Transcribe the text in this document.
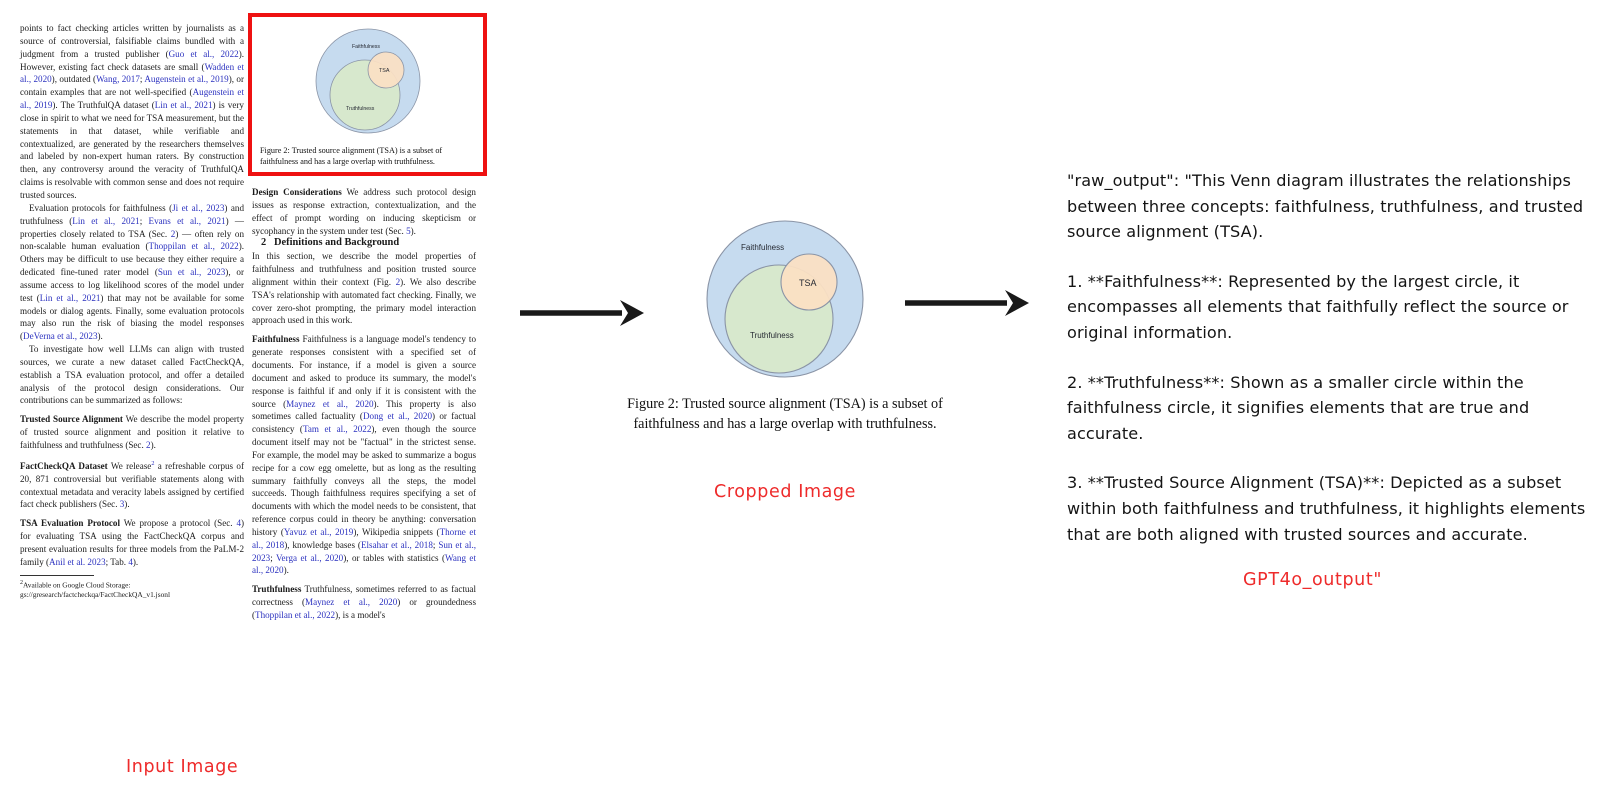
points to fact checking articles written by journalists as a source of controversial, falsifiable claims bundled with a judgment from a trusted publisher (Guo et al., 2022). However, existing fact check datasets are small (Wadden et al., 2020), outdated (Wang, 2017; Augenstein et al., 2019), or contain examples that are not well-specified (Augenstein et al., 2019). The TruthfulQA dataset (Lin et al., 2021) is very close in spirit to what we need for TSA measurement, but the statements in that dataset, while verifiable and contextualized, are generated by the researchers themselves and labeled by non-expert human raters. By construction then, any controversy around the veracity of TruthfulQA claims is resolvable with common sense and does not require trusted sources.

Evaluation protocols for faithfulness (Ji et al., 2023) and truthfulness (Lin et al., 2021; Evans et al., 2021) — properties closely related to TSA (Sec. 2) — often rely on non-scalable human evaluation (Thoppilan et al., 2022). Others may be difficult to use because they either require a dedicated fine-tuned rater model (Sun et al., 2023), or assume access to log likelihood scores of the model under test (Lin et al., 2021) that may not be available for some models or dialog agents. Finally, some evaluation protocols may also run the risk of biasing the model responses (DeVerna et al., 2023).

To investigate how well LLMs can align with trusted sources, we curate a new dataset called FactCheckQA, establish a TSA evaluation protocol, and offer a detailed analysis of the protocol design considerations. Our contributions can be summarized as follows:

Trusted Source Alignment We describe the model property of trusted source alignment and position it relative to faithfulness and truthfulness (Sec. 2).

FactCheckQA Dataset We release$^2$ a refreshable corpus of 20, 871 controversial but verifiable statements along with contextual metadata and veracity labels assigned by certified fact check publishers (Sec. 3).

TSA Evaluation Protocol We propose a protocol (Sec. 4) for evaluating TSA using the FactCheckQA corpus and present evaluation results for three models from the PaLM-2 family (Anil et al. 2023; Tab. 4).

$^2$Available on Google Cloud Storage:
gs://gresearch/factcheckqa/FactCheckQA_v1.jsonl

Design Considerations We address such protocol design issues as response extraction, contextualization, and the effect of prompt wording on inducing skepticism or sycophancy in the system under test (Sec. 5).

2 Definitions and Background

In this section, we describe the model properties of faithfulness and truthfulness and position trusted source alignment within their context (Fig. 2). We also describe TSA's relationship with automated fact checking. Finally, we cover zero-shot prompting, the primary model interaction approach used in this work.

Faithfulness Faithfulness is a language model's tendency to generate responses consistent with a specified set of documents. For instance, if a model is given a source document and asked to produce its summary, the model's response is faithful if and only if it is consistent with the source (Maynez et al., 2020). This property is also sometimes called factuality (Dong et al., 2020) or factual consistency (Tam et al., 2022), even though the source document itself may not be "factual" in the strictest sense. For example, the model may be asked to summarize a bogus recipe for a cow egg omelette, but as long as the resulting summary faithfully conveys all the steps, the model succeeds. Though faithfulness requires specifying a set of documents with which the model needs to be consistent, that reference corpus could in theory be anything: conversation history (Yavuz et al., 2019), Wikipedia snippets (Thorne et al., 2018), knowledge bases (Elsahar et al., 2018; Sun et al., 2023; Verga et al., 2020), or tables with statistics (Wang et al., 2020).

Truthfulness Truthfulness, sometimes referred to as factual correctness (Maynez et al., 2020) or groundedness (Thoppilan et al., 2022), is a model's

Faithfulness
Truthfulness
TSA
Figure 2: Trusted source alignment (TSA) is a subset of faithfulness and has a large overlap with truthfulness.
Faithfulness
Truthfulness
TSA
Figure 2: Trusted source alignment (TSA) is a subset of
faithfulness and has a large overlap with truthfulness.

"raw_output": "This Venn diagram illustrates the relationships between three concepts: faithfulness, truthfulness, and trusted source alignment (TSA).

1. **Faithfulness**: Represented by the largest circle, it encompasses all elements that faithfully reflect the source or original information.

2. **Truthfulness**: Shown as a smaller circle within the faithfulness circle, it signifies elements that are true and accurate.

3. **Trusted Source Alignment (TSA)**: Depicted as a subset within both faithfulness and truthfulness, it highlights elements that are both aligned with trusted sources and accurate.

Input Image
Cropped Image
GPT4o_output"
